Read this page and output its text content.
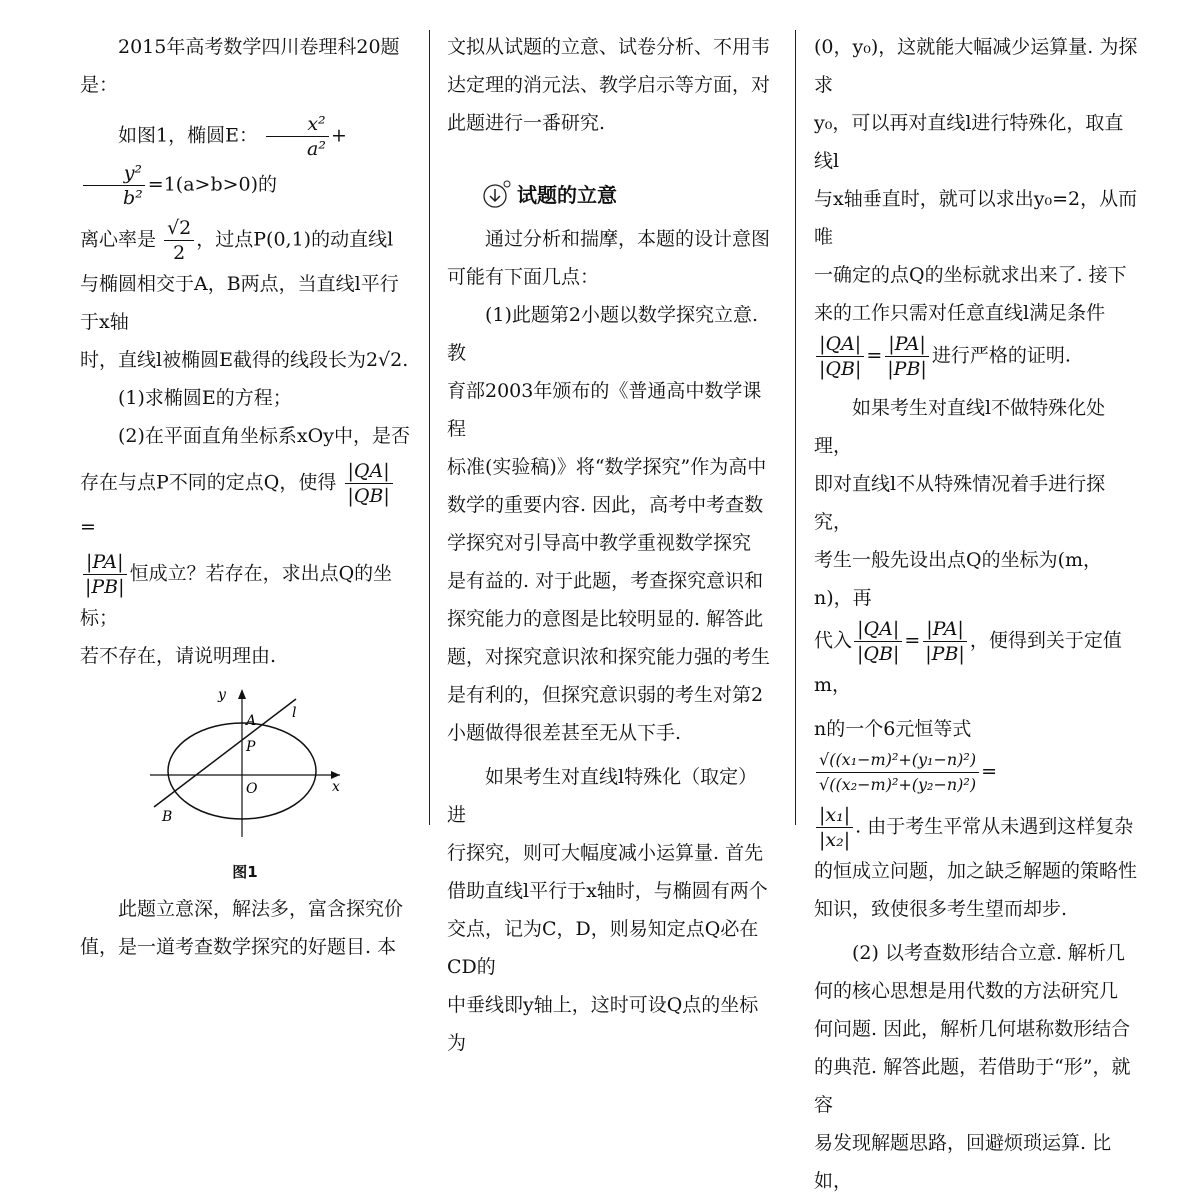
2015年高考数学四川卷理科20题是：

如图1，椭圆E： $\frac{\text{x²}}{\text{a²}}$ +
$\frac{\text{y²}}{\text{b²}} =1(a>b>0)$的

离心率是 $\frac{√2}{2}$ ，过点P(0,1)的动直线l

与椭圆相交于A，B两点，当直线l平行于x轴

时，直线l被椭圆E截得的线段长为2√2.

(1)求椭圆E的方程；

(2)在平面直角坐标系xOy中，是否

存在与点P不同的定点Q，使得 $\frac{|QA|}{|QB|}$
=

$\frac{|PA|}{|PB|}$ 恒成立？若存在，求出点Q的坐标；

若不存在，请说明理由.

y
x
l
A
P
O
B
图1

此题立意深，解法多，富含探究价

值，是一道考查数学探究的好题目. 本

文拟从试题的立意、试卷分析、不用韦

达定理的消元法、教学启示等方面，对

此题进行一番研究.

试题的立意

通过分析和揣摩，本题的设计意图

可能有下面几点：

(1)此题第2小题以数学探究立意. 教

育部2003年颁布的《普通高中数学课程

标准(实验稿)》将“数学探究”作为高中

数学的重要内容. 因此，高考中考查数

学探究对引导高中教学重视数学探究

是有益的. 对于此题，考查探究意识和

探究能力的意图是比较明显的. 解答此

题，对探究意识浓和探究能力强的考生

是有利的，但探究意识弱的考生对第2

小题做得很差甚至无从下手.

如果考生对直线l特殊化（取定）进

行探究，则可大幅度减小运算量. 首先

借助直线l平行于x轴时，与椭圆有两个

交点，记为C，D，则易知定点Q必在CD的

中垂线即y轴上，这时可设Q点的坐标为

(0，y₀)，这就能大幅减少运算量. 为探求

y₀，可以再对直线l进行特殊化，取直线l

与x轴垂直时，就可以求出y₀=2，从而唯

一确定的点Q的坐标就求出来了. 接下

来的工作只需对任意直线l满足条件

$\frac{|QA|}{|QB|} = \frac{|PA|}{|PB|}$ 进行严格的证明.

如果考生对直线l不做特殊化处理，

即对直线l不从特殊情况着手进行探究，

考生一般先设出点Q的坐标为(m，n)，再

代入 $\frac{|QA|}{|QB|} = \frac{|PA|}{|PB|}$ ，便得到关于定值m，

n的一个6元恒等式
$\frac{\text{√((x₁−m)²+(y₁−n)²)}}{\text{√((x₂−m)²+(y₂−n)²)}}$ =

$\frac{\text{|x₁|}}{\text{|x₂|}}$ . 由于考生平常从未遇到这样复杂

的恒成立问题，加之缺乏解题的策略性

知识，致使很多考生望而却步.

(2) 以考查数形结合立意. 解析几

何的核心思想是用代数的方法研究几

何问题. 因此，解析几何堪称数形结合

的典范. 解答此题，若借助于“形”，就容

易发现解题思路，回避烦琐运算. 比如，
